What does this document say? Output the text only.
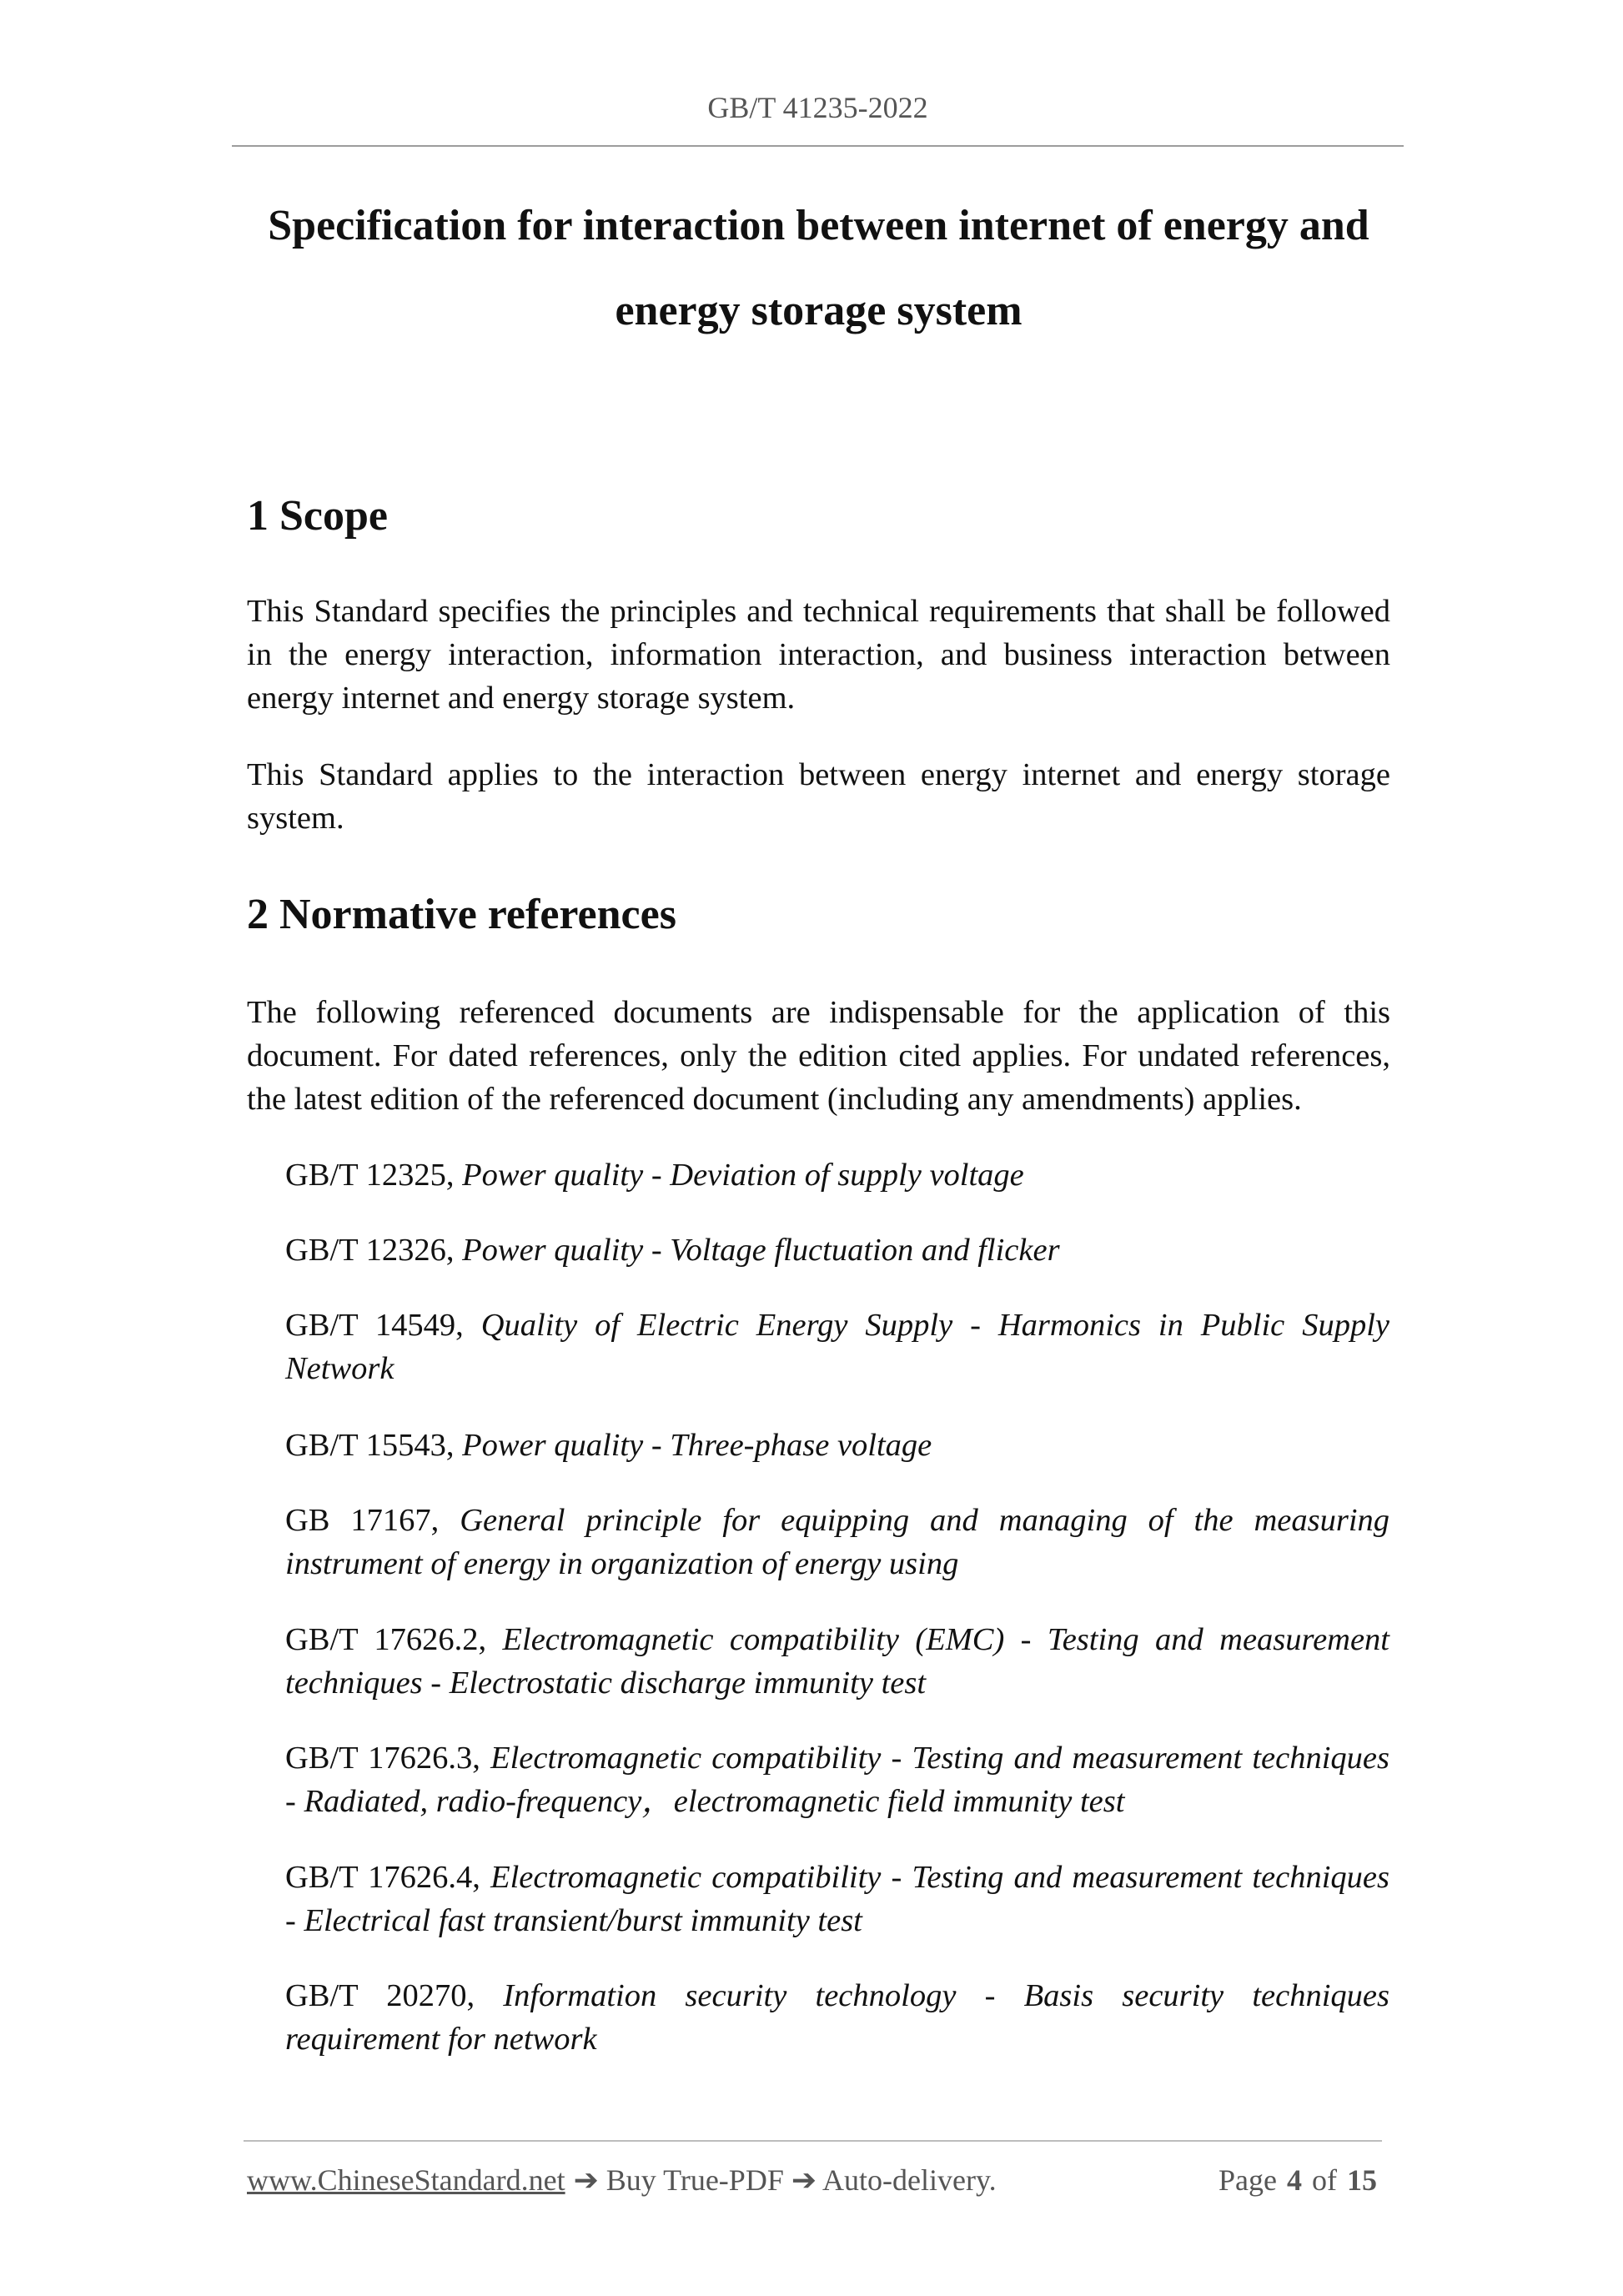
GB/T 41235-2022
Specification for interaction between internet of energy and energy storage system
1 Scope

This Standard specifies the principles and technical requirements that shall be followed in the energy interaction, information interaction, and business interaction between energy internet and energy storage system.

This Standard applies to the interaction between energy internet and energy storage system.

2 Normative references

The following referenced documents are indispensable for the application of this document. For dated references, only the edition cited applies. For undated references, the latest edition of the referenced document (including any amendments) applies.

GB/T 12325, Power quality - Deviation of supply voltage
GB/T 12326, Power quality - Voltage fluctuation and flicker
GB/T 14549, Quality of Electric Energy Supply - Harmonics in Public Supply
Network
GB/T 15543, Power quality - Three-phase voltage
GB 17167, General principle for equipping and managing of the measuring
instrument of energy in organization of energy using
GB/T 17626.2, Electromagnetic compatibility (EMC) - Testing and measurement
techniques - Electrostatic discharge immunity test
GB/T 17626.3, Electromagnetic compatibility - Testing and measurement techniques
- Radiated, radio-frequency，electromagnetic field immunity test
GB/T 17626.4, Electromagnetic compatibility - Testing and measurement techniques
- Electrical fast transient/burst immunity test
GB/T 20270, Information security technology - Basis security techniques
requirement for network
www.ChineseStandard.net ➔ Buy True-PDF ➔ Auto-delivery.	Page 4 of 15
